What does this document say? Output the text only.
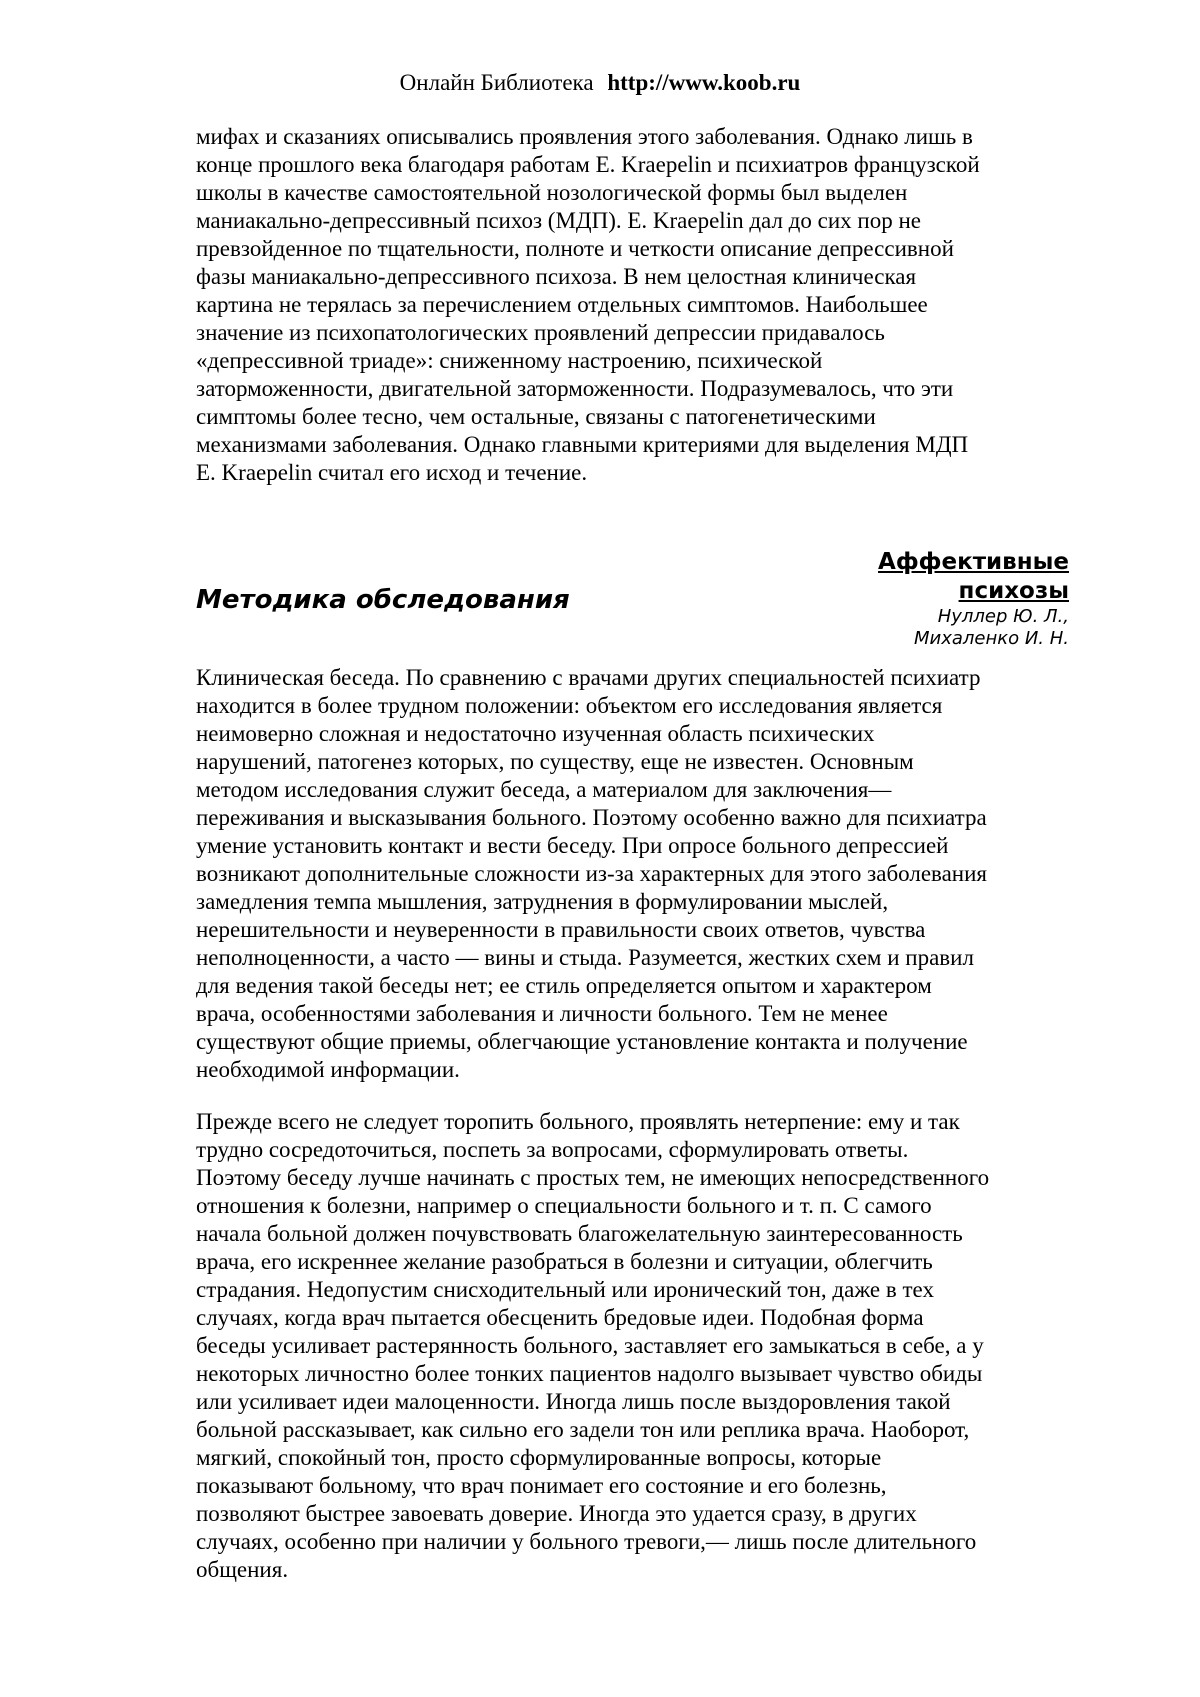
Онлайн Библиотека http://www.koob.ru
мифах и сказаниях описывались проявления этого заболевания. Однако лишь в
конце прошлого века благодаря работам E. Kraepelin и психиатров французской
школы в качестве самостоятельной нозологической формы был выделен
маниакально-депрессивный психоз (МДП). E. Kraepelin дал до сих пор не
превзойденное по тщательности, полноте и четкости описание депрессивной
фазы маниакально-депрессивного психоза. В нем целостная клиническая
картина не терялась за перечислением отдельных симптомов. Наибольшее
значение из психопатологических проявлений депрессии придавалось
«депрессивной триаде»: сниженному настроению, психической
заторможенности, двигательной заторможенности. Подразумевалось, что эти
симптомы более тесно, чем остальные, связаны с патогенетическими
механизмами заболевания. Однако главными критериями для выделения МДП
E. Kraepelin считал его исход и течение.
Методика обследования
Аффективные
психозы
Нуллер Ю. Л.,
Михаленко И. Н.
Клиническая беседа. По сравнению с врачами других специальностей психиатр
находится в более трудном положении: объектом его исследования является
неимоверно сложная и недостаточно изученная область психических
нарушений, патогенез которых, по существу, еще не известен. Основным
методом исследования служит беседа, а материалом для заключения—
переживания и высказывания больного. Поэтому особенно важно для психиатра
умение установить контакт и вести беседу. При опросе больного депрессией
возникают дополнительные сложности из-за характерных для этого заболевания
замедления темпа мышления, затруднения в формулировании мыслей,
нерешительности и неуверенности в правильности своих ответов, чувства
неполноценности, а часто — вины и стыда. Разумеется, жестких схем и правил
для ведения такой беседы нет; ее стиль определяется опытом и характером
врача, особенностями заболевания и личности больного. Тем не менее
существуют общие приемы, облегчающие установление контакта и получение
необходимой информации.
Прежде всего не следует торопить больного, проявлять нетерпение: ему и так
трудно сосредоточиться, поспеть за вопросами, сформулировать ответы.
Поэтому беседу лучше начинать с простых тем, не имеющих непосредственного
отношения к болезни, например о специальности больного и т. п. С самого
начала больной должен почувствовать благожелательную заинтересованность
врача, его искреннее желание разобраться в болезни и ситуации, облегчить
страдания. Недопустим снисходительный или иронический тон, даже в тех
случаях, когда врач пытается обесценить бредовые идеи. Подобная форма
беседы усиливает растерянность больного, заставляет его замыкаться в себе, а у
некоторых личностно более тонких пациентов надолго вызывает чувство обиды
или усиливает идеи малоценности. Иногда лишь после выздоровления такой
больной рассказывает, как сильно его задели тон или реплика врача. Наоборот,
мягкий, спокойный тон, просто сформулированные вопросы, которые
показывают больному, что врач понимает его состояние и его болезнь,
позволяют быстрее завоевать доверие. Иногда это удается сразу, в других
случаях, особенно при наличии у больного тревоги,— лишь после длительного
общения.
